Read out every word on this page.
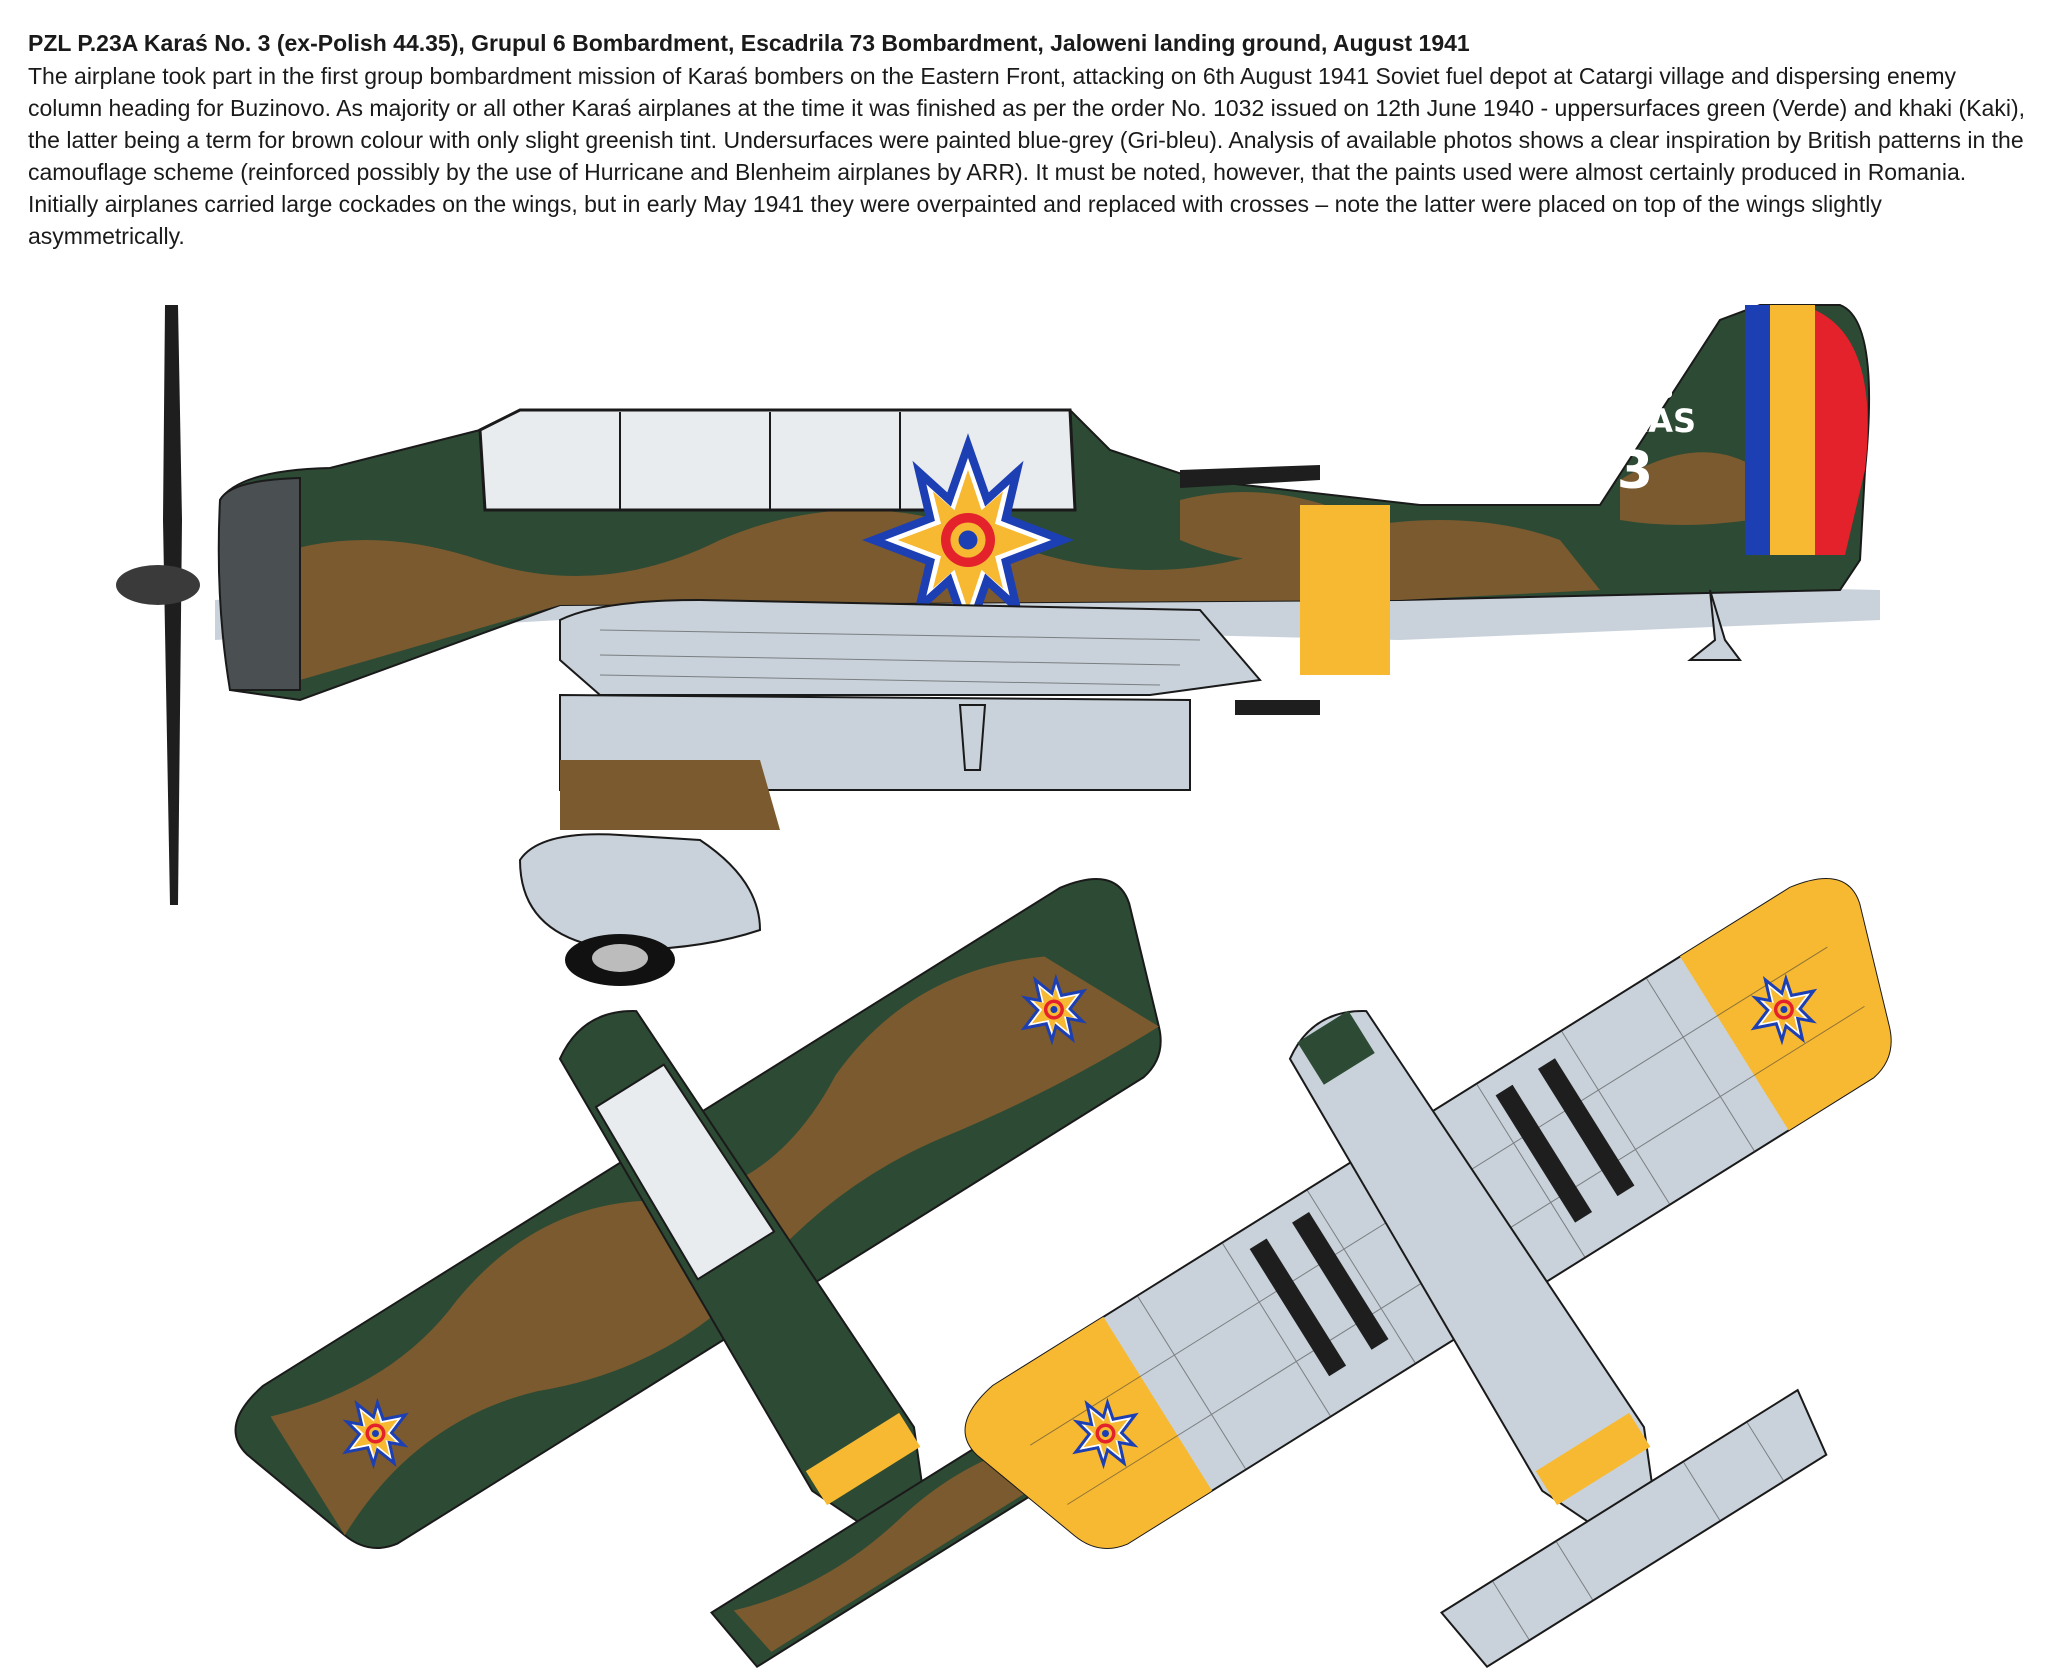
PZL P.23A Karaś No. 3 (ex-Polish 44.35), Grupul 6 Bombardment, Escadrila 73 Bombardment, Jaloweni landing ground, August 1941

The airplane took part in the first group bombardment mission of Karaś bombers on the Eastern Front, attacking on 6th August 1941 Soviet fuel depot at Catargi village and dispersing enemy column heading for Buzinovo. As majority or all other Karaś airplanes at the time it was finished as per the order No. 1032 issued on 12th June 1940 - uppersurfaces green (Verde) and khaki (Kaki), the latter being a term for brown colour with only slight greenish tint. Undersurfaces were painted blue-grey (Gri-bleu). Analysis of available photos shows a clear inspiration by British patterns in the camouflage scheme (reinforced possibly by the use of Hurricane and Blenheim airplanes by ARR). It must be noted, however, that the paints used were almost certainly produced in Romania. Initially airplanes carried large cockades on the wings, but in early May 1941 they were overpainted and replaced with crosses – note the latter were placed on top of the wings slightly asymmetrically.

PZL.23
KARAS
3
